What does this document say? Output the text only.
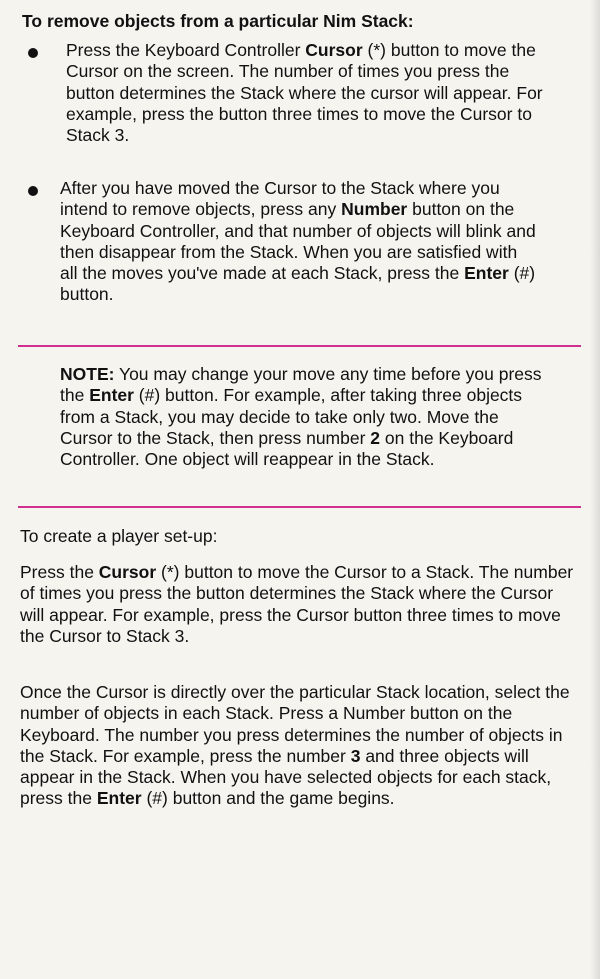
To remove objects from a particular Nim Stack:

Press the Keyboard Controller Cursor (*) button to move the Cursor on the screen. The number of times you press the button determines the Stack where the cursor will appear. For example, press the button three times to move the Cursor to Stack 3.

After you have moved the Cursor to the Stack where you intend to remove objects, press any Number button on the Keyboard Controller, and that number of objects will blink and then disappear from the Stack. When you are satisfied with all the moves you've made at each Stack, press the Enter (#) button.

NOTE: You may change your move any time before you press the Enter (#) button. For example, after taking three objects from a Stack, you may decide to take only two. Move the Cursor to the Stack, then press number 2 on the Keyboard Controller. One object will reappear in the Stack.

To create a player set-up:

Press the Cursor (*) button to move the Cursor to a Stack. The number of times you press the button determines the Stack where the Cursor will appear. For example, press the Cursor button three times to move the Cursor to Stack 3.

Once the Cursor is directly over the particular Stack location, select the number of objects in each Stack. Press a Number button on the Keyboard. The number you press determines the number of objects in the Stack. For example, press the number 3 and three objects will appear in the Stack. When you have selected objects for each stack, press the Enter (#) button and the game begins.
